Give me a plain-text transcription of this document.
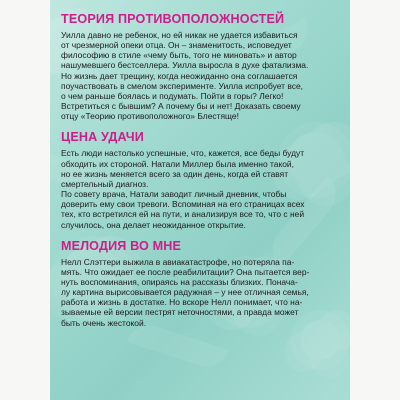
ТЕОРИЯ ПРОТИВОПОЛОЖНОСТЕЙ

Уилла давно не ребенок, но ей никак не удается избавиться
от чрезмерной опеки отца. Он – знаменитость, исповедует
философию в стиле «чему быть, того не миновать» и автор
нашумевшего бестселлера. Уилла выросла в духе фатализма.
Но жизнь дает трещину, когда неожиданно она соглашается
поучаствовать в смелом эксперименте. Уилла испробует все,
о чем раньше боялась и подумать. Пойти в горы? Легко!
Встретиться с бывшим? А почему бы и нет! Доказать своему
отцу «Теорию противоположного» Блестяще!

ЦЕНА УДАЧИ

Есть люди настолько успешные, что, кажется, все беды будут
обходить их стороной. Натали Миллер была именно такой,
но ее жизнь меняется всего за один день, когда ей ставят
смертельный диагноз.
По совету врача, Натали заводит личный дневник, чтобы
доверить ему свои тревоги. Вспоминая на его страницах всех
тех, кто встретился ей на пути, и анализируя все то, что с ней
случилось, она делает неожиданное открытие.

МЕЛОДИЯ ВО МНЕ

Нелл Слэттери выжила в авиакатастрофе, но потеряла па-
мять. Что ожидает ее после реабилитации? Она пытается вер-
нуть воспоминания, опираясь на рассказы близких. Понача-
лу картина вырисовывается радужная – у нее отличная семья,
работа и жизнь в достатке. Но вскоре Нелл понимает, что на-
зываемые ей версии пестрят неточностями, а правда может
быть очень жестокой.
